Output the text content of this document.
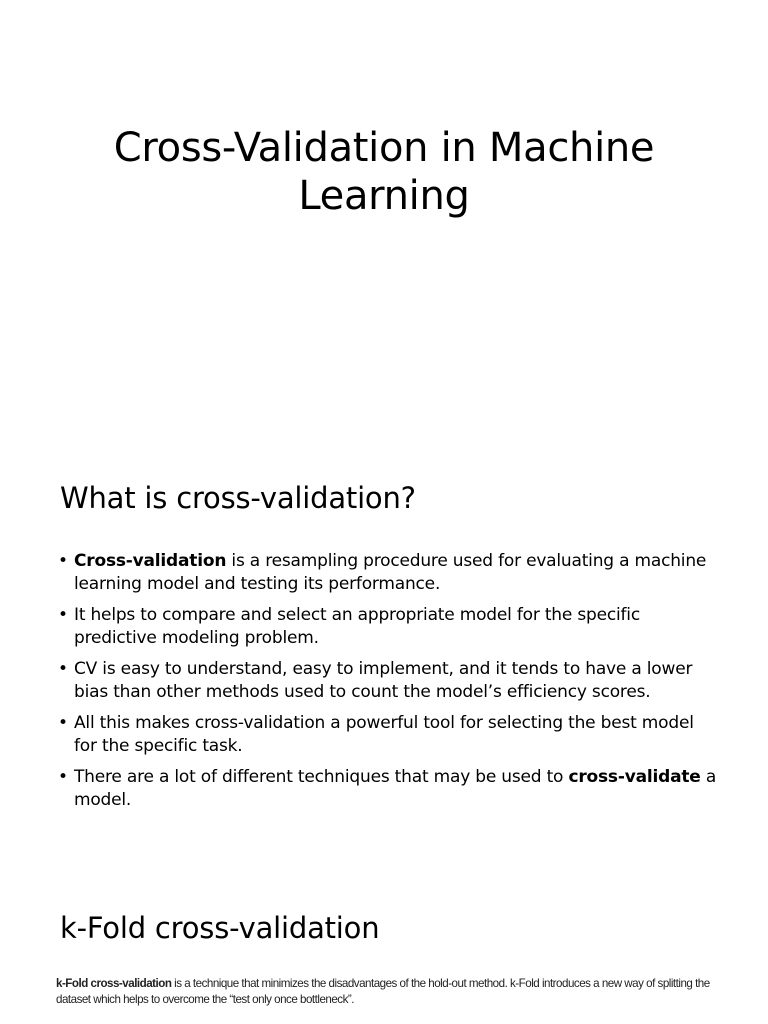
Cross-Validation in Machine
Learning
What is cross-validation?
• Cross-validation is a resampling procedure used for evaluating a machine learning model and testing its performance.
• It helps to compare and select an appropriate model for the specific predictive modeling problem.
• CV is easy to understand, easy to implement, and it tends to have a lower bias than other methods used to count the model’s efficiency scores.
• All this makes cross-validation a powerful tool for selecting the best model for the specific task.
• There are a lot of different techniques that may be used to cross-validate a model.
k-Fold cross-validation

k-Fold cross-validation is a technique that minimizes the disadvantages of the hold-out method. k-Fold introduces a new way of splitting the dataset which helps to overcome the “test only once bottleneck”.
